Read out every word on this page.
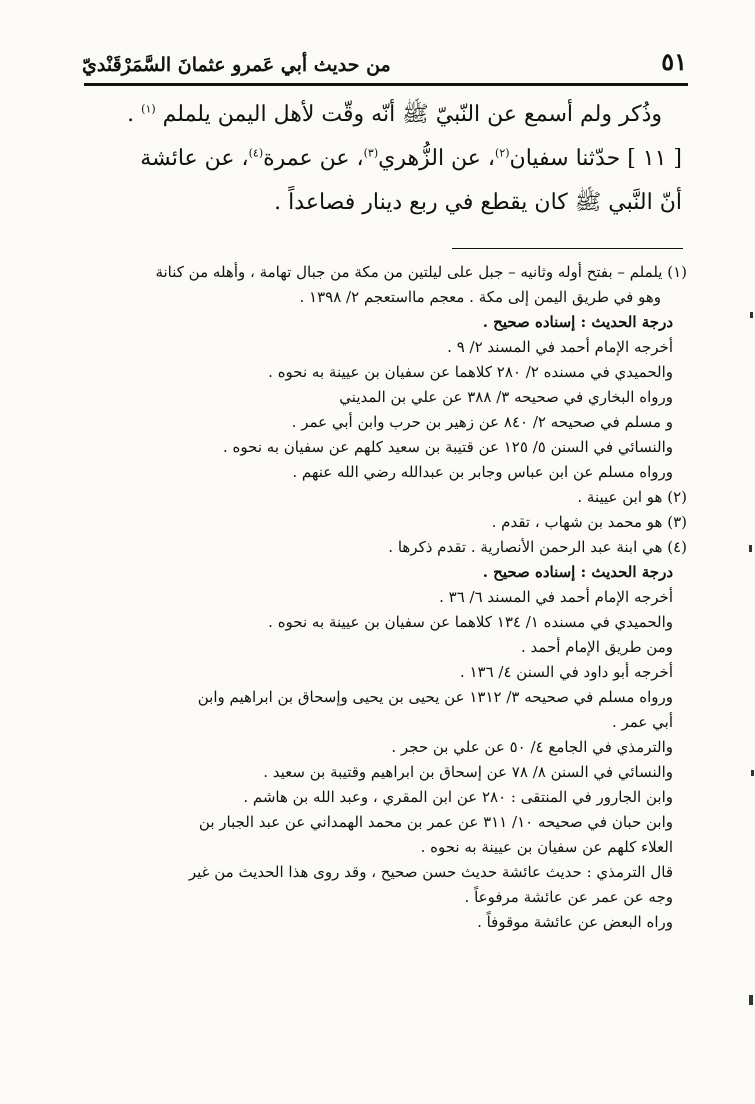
٥١
من حديث أبي عَمرو عثمانَ السَّمَرْقَنْديّ

وذُكر ولم أسمع عن النّبيّ ﷺ أنّه وقّت لأهل اليمن يلملم $^{(١)}$ .

[ ١١ ] حدّثنا سفيان$^{(٢)}$، عن الزُّهري$^{(٣)}$، عن عمرة$^{(٤)}$، عن عائشة

أنّ النَّبي ﷺ كان يقطع في ربع دينار فصاعداً .

(١) يلملم – بفتح أوله وثانيه – جبل على ليلتين من مكة من جبال تهامة ، وأهله من كنانة

وهو في طريق اليمن إلى مكة . معجم مااستعجم ٢/ ١٣٩٨ .

درجة الحديث : إسناده صحيح .

أخرجه الإمام أحمد في المسند ٢/ ٩ .

والحميدي في مسنده ٢/ ٢٨٠ كلاهما عن سفيان بن عيينة به نحوه .

ورواه البخاري في صحيحه ٣/ ٣٨٨ عن علي بن المديني

و مسلم في صحيحه ٢/ ٨٤٠ عن زهير بن حرب وابن أبي عمر .

والنسائي في السنن ٥/ ١٢٥ عن قتيبة بن سعيد كلهم عن سفيان به نحوه .

ورواه مسلم عن ابن عباس وجابر بن عبدالله رضي الله عنهم .

(٢) هو ابن عيينة .

(٣) هو محمد بن شهاب ، تقدم .

(٤) هي ابنة عبد الرحمن الأنصارية . تقدم ذكرها .

درجة الحديث : إسناده صحيح .

أخرجه الإمام أحمد في المسند ٦/ ٣٦ .

والحميدي في مسنده ١/ ١٣٤ كلاهما عن سفيان بن عيينة به نحوه .

ومن طريق الإمام أحمد .

أخرجه أبو داود في السنن ٤/ ١٣٦ .

ورواه مسلم في صحيحه ٣/ ١٣١٢ عن يحيى بن يحيى وإسحاق بن ابراهيم وابن

أبي عمر .

والترمذي في الجامع ٤/ ٥٠ عن علي بن حجر .

والنسائي في السنن ٨/ ٧٨ عن إسحاق بن ابراهيم وقتيبة بن سعيد .

وابن الجارور في المنتقى : ٢٨٠ عن ابن المقري ، وعبد الله بن هاشم .

وابن حبان في صحيحه ١٠/ ٣١١ عن عمر بن محمد الهمداني عن عبد الجبار بن

العلاء كلهم عن سفيان بن عيينة به نحوه .

قال الترمذي : حديث عائشة حديث حسن صحيح ، وقد روى هذا الحديث من غير

وجه عن عمر عن عائشة مرفوعاً .

وراه البعض عن عائشة موقوفاً .
